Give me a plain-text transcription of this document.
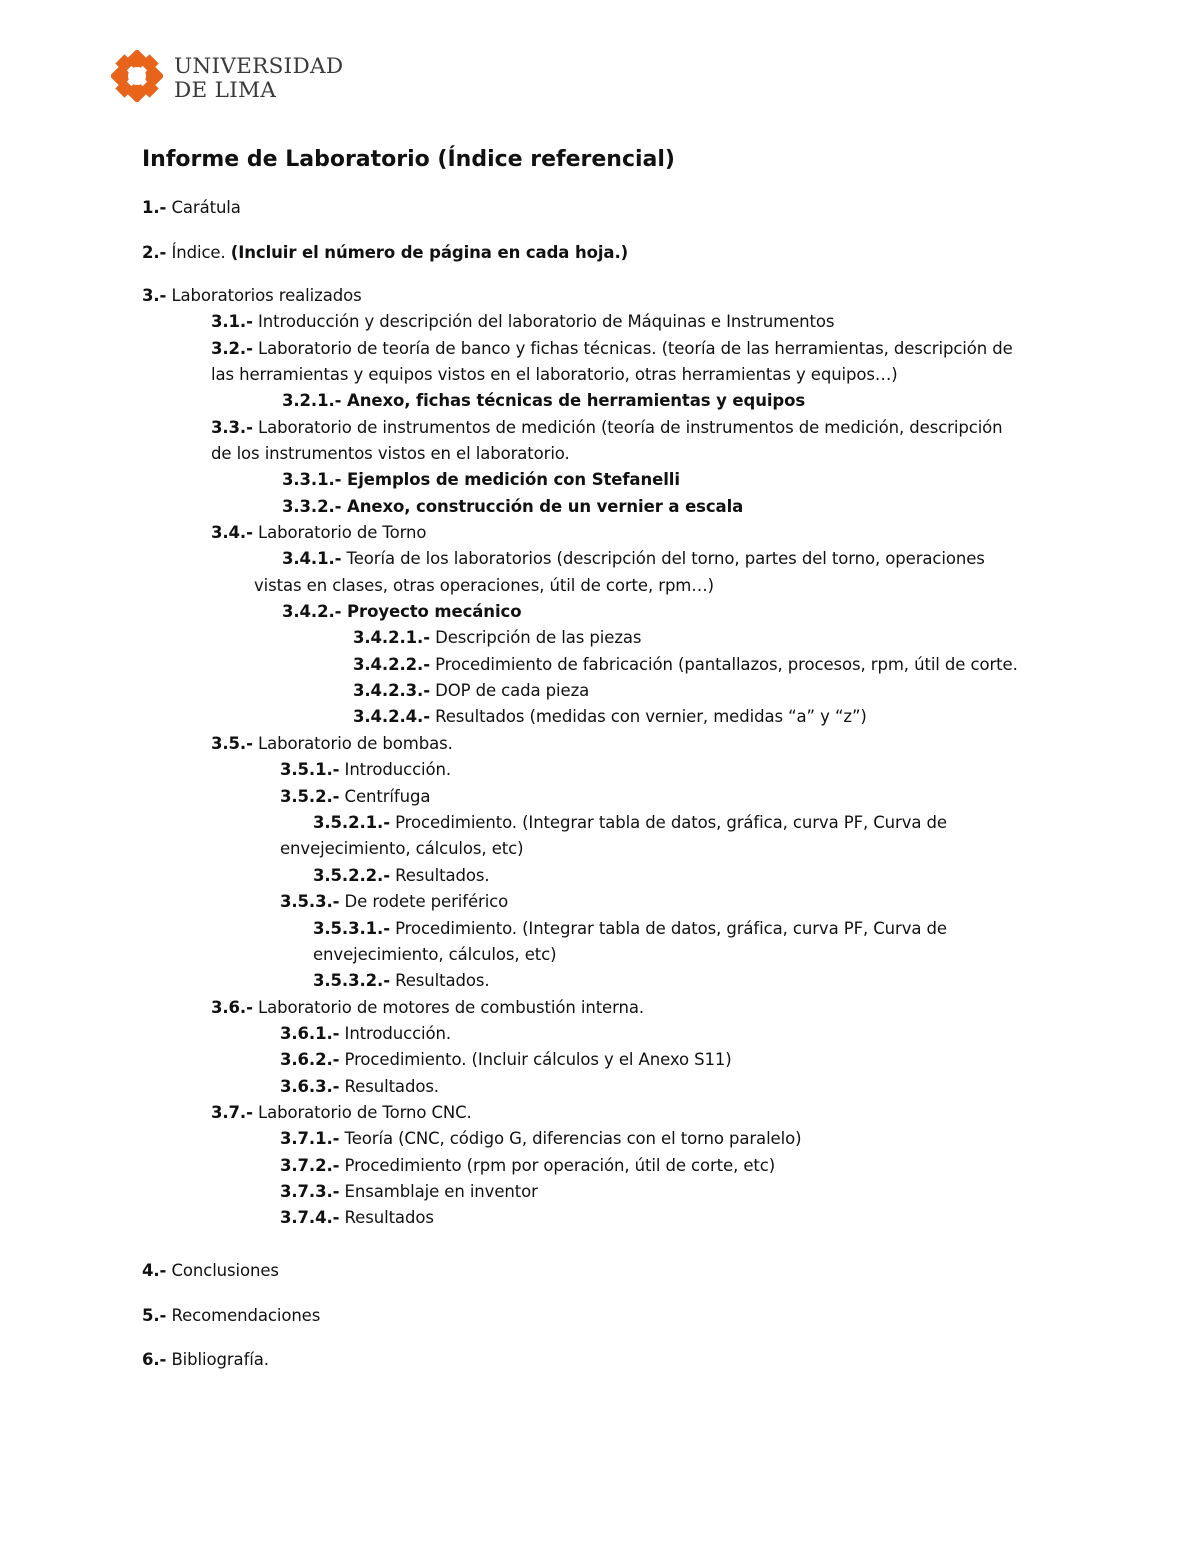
UNIVERSIDAD
DE LIMA
Informe de Laboratorio (Índice referencial)
1.- Carátula
2.- Índice. (Incluir el número de página en cada hoja.)
3.- Laboratorios realizados
3.1.- Introducción y descripción del laboratorio de Máquinas e Instrumentos
3.2.- Laboratorio de teoría de banco y fichas técnicas. (teoría de las herramientas, descripción de
las herramientas y equipos vistos en el laboratorio, otras herramientas y equipos…)
3.2.1.- Anexo, fichas técnicas de herramientas y equipos
3.3.- Laboratorio de instrumentos de medición (teoría de instrumentos de medición, descripción
de los instrumentos vistos en el laboratorio.
3.3.1.- Ejemplos de medición con Stefanelli
3.3.2.- Anexo, construcción de un vernier a escala
3.4.- Laboratorio de Torno
3.4.1.- Teoría de los laboratorios (descripción del torno, partes del torno, operaciones
vistas en clases, otras operaciones, útil de corte, rpm…)
3.4.2.- Proyecto mecánico
3.4.2.1.- Descripción de las piezas
3.4.2.2.- Procedimiento de fabricación (pantallazos, procesos, rpm, útil de corte.
3.4.2.3.- DOP de cada pieza
3.4.2.4.- Resultados (medidas con vernier, medidas “a” y “z”)
3.5.- Laboratorio de bombas.
3.5.1.- Introducción.
3.5.2.- Centrífuga
3.5.2.1.- Procedimiento. (Integrar tabla de datos, gráfica, curva PF, Curva de
envejecimiento, cálculos, etc)
3.5.2.2.- Resultados.
3.5.3.- De rodete periférico
3.5.3.1.- Procedimiento. (Integrar tabla de datos, gráfica, curva PF, Curva de
envejecimiento, cálculos, etc)
3.5.3.2.- Resultados.
3.6.- Laboratorio de motores de combustión interna.
3.6.1.- Introducción.
3.6.2.- Procedimiento. (Incluir cálculos y el Anexo S11)
3.6.3.- Resultados.
3.7.- Laboratorio de Torno CNC.
3.7.1.- Teoría (CNC, código G, diferencias con el torno paralelo)
3.7.2.- Procedimiento (rpm por operación, útil de corte, etc)
3.7.3.- Ensamblaje en inventor
3.7.4.- Resultados
4.- Conclusiones
5.- Recomendaciones
6.- Bibliografía.
